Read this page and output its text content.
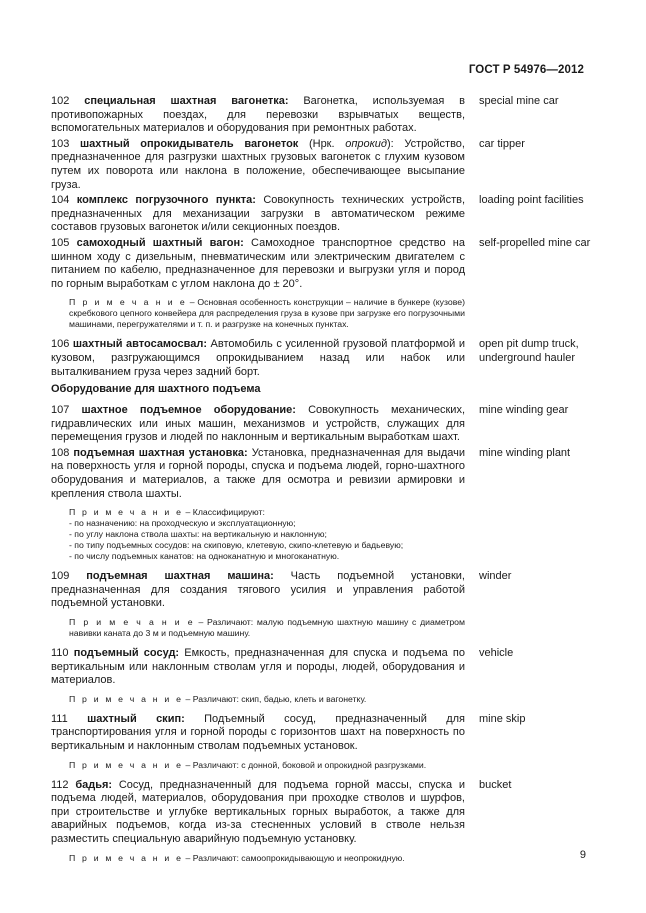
ГОСТ Р 54976—2012
102 специальная шахтная вагонетка: Вагонетка, используемая в противопожарных поездах, для перевозки взрывчатых веществ, вспомогательных материалов и оборудования при ремонтных работах.
special mine car
103 шахтный опрокидыватель вагонеток (Нрк. опрокид): Устройство, предназначенное для разгрузки шахтных грузовых вагонеток с глухим кузовом путем их поворота или наклона в положение, обеспечивающее высыпание груза.
car tipper
104 комплекс погрузочного пункта: Совокупность технических устройств, предназначенных для механизации загрузки в автоматическом режиме составов грузовых вагонеток и/или секционных поездов.
loading point facilities
105 самоходный шахтный вагон: Самоходное транспортное средство на шинном ходу с дизельным, пневматическим или электрическим двигателем с питанием по кабелю, предназначенное для перевозки и выгрузки угля и пород по горным выработкам с углом наклона до ± 20°.
self-propelled mine car
П р и м е ч а н и е – Основная особенность конструкции – наличие в бункере (кузове) скребкового цепного конвейера для распределения груза в кузове при загрузке его погрузочными машинами, перегружателями и т. п. и разгрузке на конечных пунктах.
106 шахтный автосамосвал: Автомобиль с усиленной грузовой платформой и кузовом, разгружающимся опрокидыванием назад или набок или выталкиванием груза через задний борт.
open pit dump truck, underground hauler
Оборудование для шахтного подъема
107 шахтное подъемное оборудование: Совокупность механических, гидравлических или иных машин, механизмов и устройств, служащих для перемещения грузов и людей по наклонным и вертикальным выработкам шахт.
mine winding gear
108 подъемная шахтная установка: Установка, предназначенная для выдачи на поверхность угля и горной породы, спуска и подъема людей, горно-шахтного оборудования и материалов, а также для осмотра и ревизии армировки и крепления ствола шахты.
mine winding plant
П р и м е ч а н и е – Классифицируют:
- по назначению: на проходческую и эксплуатационную;
- по углу наклона ствола шахты: на вертикальную и наклонную;
- по типу подъемных сосудов: на скиповую, клетевую, скипо-клетевую и бадьевую;
- по числу подъемных канатов: на одноканатную и многоканатную.
109 подъемная шахтная машина: Часть подъемной установки, предназначенная для создания тягового усилия и управления работой подъемной установки.
winder
П р и м е ч а н и е – Различают: малую подъемную шахтную машину с диаметром навивки каната до 3 м и подъемную машину.
110 подъемный сосуд: Емкость, предназначенная для спуска и подъема по вертикальным или наклонным стволам угля и породы, людей, оборудования и материалов.
vehicle
П р и м е ч а н и е – Различают: скип, бадью, клеть и вагонетку.
111 шахтный скип: Подъемный сосуд, предназначенный для транспортирования угля и горной породы с горизонтов шахт на поверхность по вертикальным и наклонным стволам подъемных установок.
mine skip
П р и м е ч а н и е – Различают: с донной, боковой и опрокидной разгрузками.
112 бадья: Сосуд, предназначенный для подъема горной массы, спуска и подъема людей, материалов, оборудования при проходке стволов и шурфов, при строительстве и углубке вертикальных горных выработок, а также для аварийных подъемов, когда из-за стесненных условий в стволе нельзя разместить специальную аварийную подъемную установку.
bucket
П р и м е ч а н и е – Различают: самоопрокидывающую и неопрокидную.	9
